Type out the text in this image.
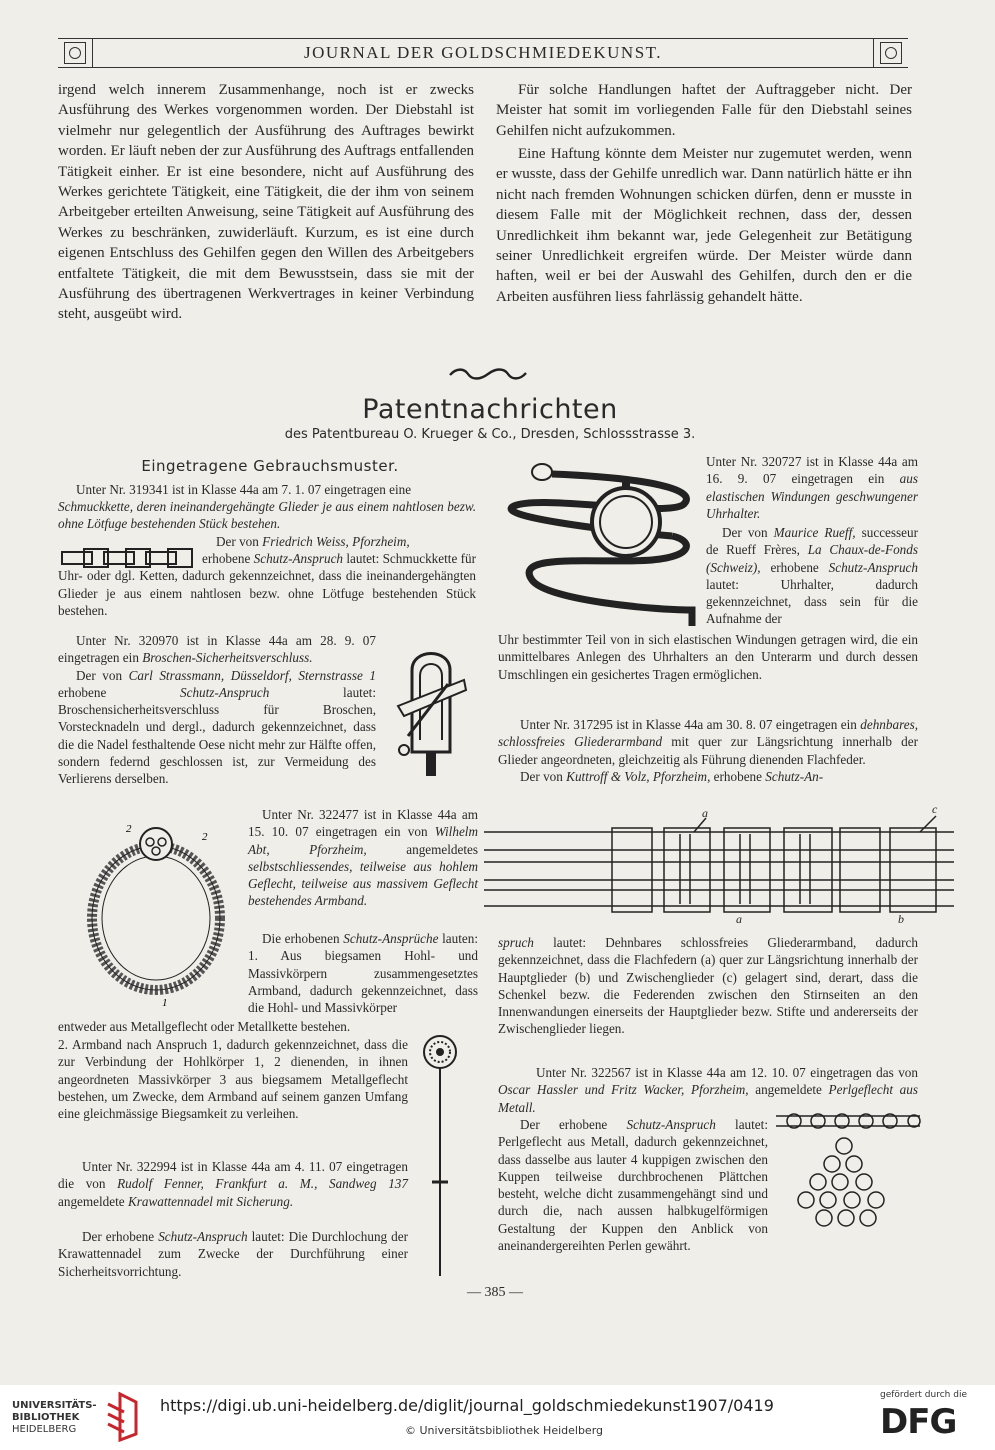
JOURNAL DER GOLDSCHMIEDEKUNST.

irgend welch innerem Zusammenhange, noch ist er zwecks Ausführung des Werkes vorgenommen worden. Der Diebstahl ist vielmehr nur gelegentlich der Ausführung des Auftrages bewirkt worden. Er läuft neben der zur Ausführung des Auftrags entfallenden Tätigkeit einher. Er ist eine besondere, nicht auf Ausführung des Werkes gerichtete Tätigkeit, eine Tätigkeit, die der ihm von seinem Arbeitgeber erteilten Anweisung, seine Tätigkeit auf Ausführung des Werkes zu beschränken, zuwiderläuft. Kurzum, es ist eine durch eigenen Entschluss des Gehilfen gegen den Willen des Arbeitgebers entfaltete Tätigkeit, die mit dem Bewusstsein, dass sie mit der Ausführung des übertragenen Werkvertrages in keiner Verbindung steht, ausgeübt wird.

Für solche Handlungen haftet der Auftraggeber nicht. Der Meister hat somit im vorliegenden Falle für den Diebstahl seines Gehilfen nicht aufzukommen.

Eine Haftung könnte dem Meister nur zugemutet werden, wenn er wusste, dass der Gehilfe unredlich war. Dann natürlich hätte er ihn nicht nach fremden Wohnungen schicken dürfen, denn er musste in diesem Falle mit der Möglichkeit rechnen, dass der, dessen Unredlichkeit ihm bekannt war, jede Gelegenheit zur Betätigung seiner Unredlichkeit ergreifen würde. Der Meister würde dann haften, weil er bei der Auswahl des Gehilfen, durch den er die Arbeiten ausführen liess fahrlässig gehandelt hätte.

Patentnachrichten
des Patentbureau O. Krueger & Co., Dresden, Schlossstrasse 3.
Eingetragene Gebrauchsmuster.

Unter Nr. 319341 ist in Klasse 44a am 7. 1. 07 eingetragen eine

Schmuckkette, deren ineinandergehängte Glieder je aus einem nahtlosen bezw. ohne Lötfuge bestehenden Stück bestehen.

Der von Friedrich Weiss, Pforzheim,

erhobene Schutz-Anspruch lautet: Schmuckkette für Uhr- oder dgl. Ketten, dadurch gekennzeichnet, dass die ineinandergehängten Glieder je aus einem nahtlosen bezw. ohne Lötfuge bestehenden Stück bestehen.

Unter Nr. 320970 ist in Klasse 44a am 28. 9. 07 eingetragen ein Broschen-Sicherheitsverschluss.
Der von Carl Strassmann, Düsseldorf, Sternstrasse 1 erhobene	Schutz-Anspruch	lautet: Broschensicherheitsverschluss für Broschen, Vorstecknadeln und dergl., dadurch gekennzeichnet, dass die die Nadel festhaltende Oese nicht mehr zur Hälfte offen, sondern federnd geschlossen ist, zur Vermeidung des Verlierens derselben.

2
2
1

Unter Nr. 322477 ist in Klasse 44a am 15. 10. 07 eingetragen ein von Wilhelm Abt, Pforzheim,	angemeldetes selbstschliessendes, teilweise aus hohlem Geflecht, teilweise aus massivem Geflecht bestehendes Armband.

Die erhobenen Schutz-Ansprüche lauten: 1. Aus biegsamen Hohl- und Massivkörpern zusammengesetztes Armband, dadurch gekennzeichnet, dass die Hohl- und Massivkörper

entweder aus Metallgeflecht oder Metallkette bestehen.

2. Armband nach Anspruch 1, dadurch gekennzeichnet, dass die zur Verbindung der Hohlkörper 1, 2 dienenden, in ihnen angeordneten Massivkörper 3 aus biegsamem Metallgeflecht bestehen, um Zwecke, dem Armband auf seinem ganzen Umfang eine gleichmässige Biegsamkeit zu verleihen.

Unter Nr. 322994 ist in Klasse 44a am 4. 11. 07 eingetragen die von Rudolf Fenner, Frankfurt a. M., Sandweg 137 angemeldete Krawattennadel mit Sicherung.

Der erhobene Schutz-Anspruch lautet: Die Durchlochung der Krawattennadel zum Zwecke der Durchführung einer Sicherheitsvorrichtung.

Unter Nr. 320727 ist in Klasse 44a am 16. 9. 07 eingetragen ein aus elastischen Windungen geschwungener Uhrhalter.

Der von Maurice Rueff, successeur de Rueff Frères, La Chaux-de-Fonds (Schweiz), erhobene Schutz-Anspruch lautet: Uhrhalter, dadurch gekennzeichnet, dass sein für die Aufnahme der

Uhr bestimmter Teil von in sich elastischen Windungen getragen wird, die ein unmittelbares Anlegen des Uhrhalters an den Unterarm und durch dessen Umschlingen ein gesichertes Tragen ermöglichen.

Unter Nr. 317295 ist in Klasse 44a am 30. 8. 07 eingetragen ein dehnbares, schlossfreies Gliederarmband mit quer zur Längsrichtung innerhalb der Glieder angeordneten, gleichzeitig als Führung dienenden Flachfeder.
Der von Kuttroff & Volz, Pforzheim, erhobene Schutz-An-

a	c
a	b

spruch lautet: Dehnbares schlossfreies Gliederarmband, dadurch gekennzeichnet, dass die Flachfedern (a) quer zur Längsrichtung innerhalb der Hauptglieder (b) und Zwischenglieder (c) gelagert sind, derart, dass die Schenkel bezw. die Federenden zwischen den Stirnseiten an den Innenwandungen einerseits der Hauptglieder bezw. Stifte und andererseits der Zwischenglieder liegen.

Unter Nr. 322567 ist in Klasse 44a am 12. 10. 07 eingetragen das von Oscar Hassler und Fritz Wacker, Pforzheim, angemeldete Perlgeflecht aus Metall.

Der erhobene Schutz-Anspruch lautet: Perlgeflecht aus Metall, dadurch gekennzeichnet, dass dasselbe aus lauter 4 kuppigen zwischen den Kuppen teilweise durchbrochenen Plättchen besteht, welche dicht zusammengehängt sind und durch die, nach aussen halbkugelförmigen Gestaltung der Kuppen den Anblick von aneinandergereihten Perlen gewährt.

— 385 —
UNIVERSITÄTS-
BIBLIOTHEK
HEIDELBERG
https://digi.ub.uni-heidelberg.de/diglit/journal_goldschmiedekunst1907/0419
© Universitätsbibliothek Heidelberg
gefördert durch die
DFG
